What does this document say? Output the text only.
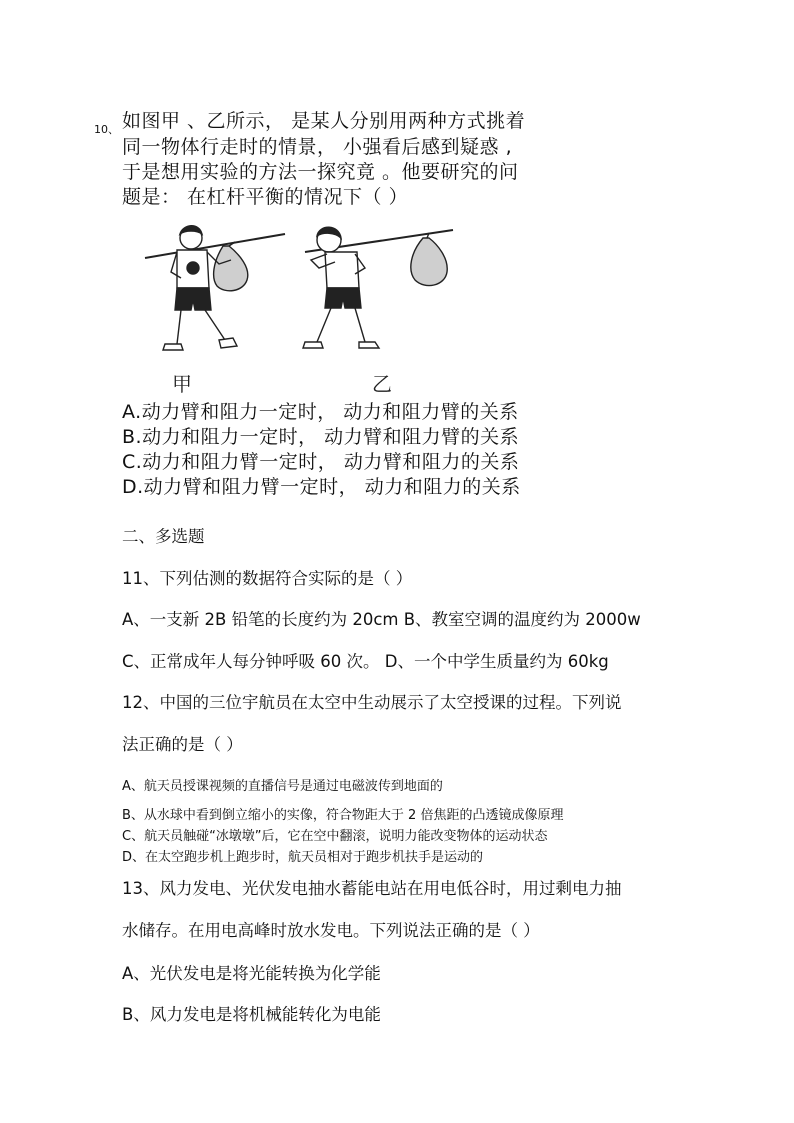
10、 如图甲 、乙所示， 是某人分别用两种方式挑着
同一物体行走时的情景， 小强看后感到疑惑 ,
于是想用实验的方法一探究竟 。他要研究的问
题是： 在杠杆平衡的情况下（ ）
甲	乙
A.动力臂和阻力一定时， 动力和阻力臂的关系
B.动力和阻力一定时， 动力臂和阻力臂的关系
C.动力和阻力臂一定时， 动力臂和阻力的关系
D.动力臂和阻力臂一定时， 动力和阻力的关系
二、多选题
11、下列估测的数据符合实际的是（ ）
A、一支新 2B 铅笔的长度约为 20cm B、教室空调的温度约为 2000w
C、正常成年人每分钟呼吸 60 次。 D、一个中学生质量约为 60kg
12、中国的三位宇航员在太空中生动展示了太空授课的过程。下列说
法正确的是（ ）
A、航天员授课视频的直播信号是通过电磁波传到地面的
B、从水球中看到倒立缩小的实像，符合物距大于 2 倍焦距的凸透镜成像原理
C、航天员触碰“冰墩墩”后，它在空中翻滚，说明力能改变物体的运动状态
D、在太空跑步机上跑步时，航天员相对于跑步机扶手是运动的
13、风力发电、光伏发电抽水蓄能电站在用电低谷时，用过剩电力抽
水储存。在用电高峰时放水发电。下列说法正确的是（ ）
A、光伏发电是将光能转换为化学能
B、风力发电是将机械能转化为电能
